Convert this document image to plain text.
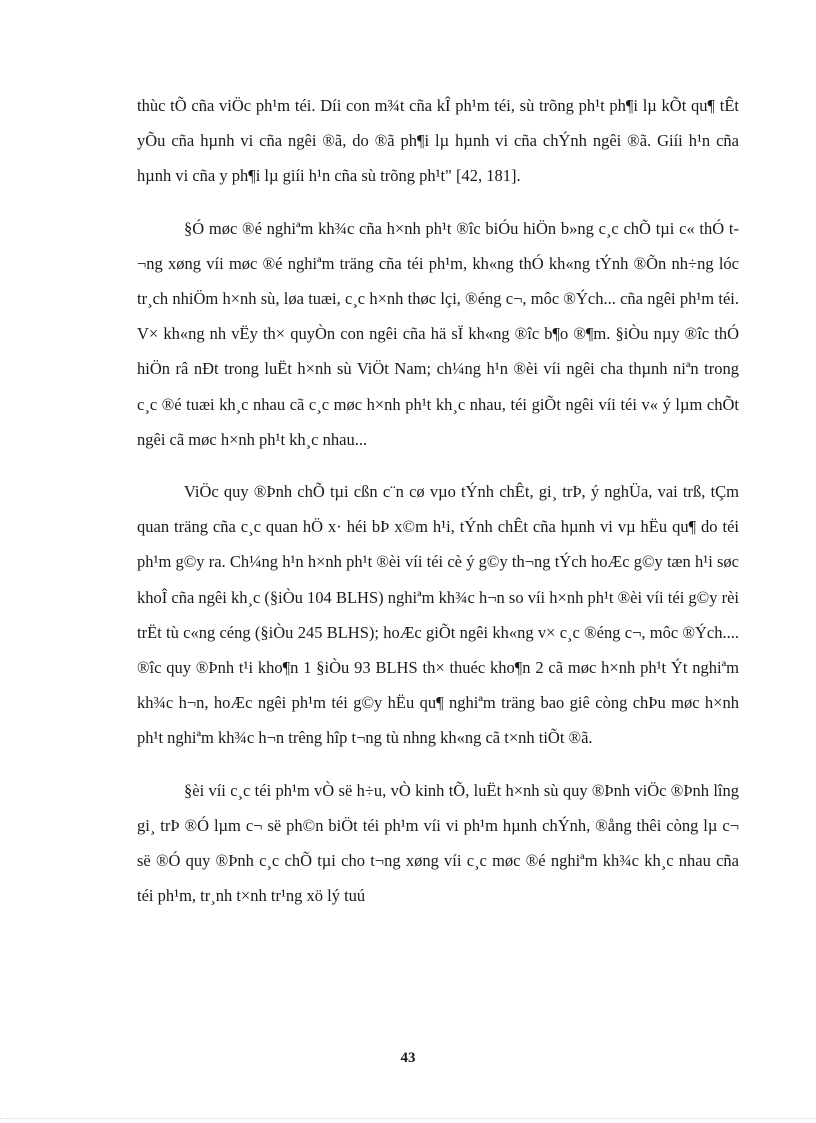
thùc tÕ cña viÖc ph¹m téi. Díi con m¾t cña kÎ ph¹m téi, sù trõng ph¹t ph¶i lµ kÕt qu¶ tÊt yÕu cña hµnh vi cña ngêi ®ã, do ®ã ph¶i lµ hµnh vi cña chÝnh ngêi ®ã. Giíi h¹n cña hµnh vi cña y ph¶i lµ giíi h¹n cña sù trõng ph¹t" [42, 181].

§Ó møc ®é nghiªm kh¾c cña h×nh ph¹t ®îc biÓu hiÖn b»ng c¸c chÕ tµi c« thÓ t¬ng xøng víi møc ®é nghiªm träng cña téi ph¹m, kh«ng thÓ kh«ng tÝnh ®Õn nh÷ng lóc tr¸ch nhiÖm h×nh sù, løa tuæi, c¸c h×nh thøc lçi, ®éng c¬, môc ®Ých... cña ngêi ph¹m téi. V× kh«ng nh vËy th× quyÒn con ngêi cña hä sÏ kh«ng ®îc b¶o ®¶m. §iÒu nµy ®îc thÓ hiÖn râ nÐt trong luËt h×nh sù ViÖt Nam; ch¼ng h¹n ®èi víi ngêi cha thµnh niªn trong c¸c ®é tuæi kh¸c nhau cã c¸c møc h×nh ph¹t kh¸c nhau, téi giÕt ngêi víi téi v« ý lµm chÕt ngêi cã møc h×nh ph¹t kh¸c nhau...

ViÖc quy ®Þnh chÕ tµi cßn c¨n cø vµo tÝnh chÊt, gi¸ trÞ, ý nghÜa, vai trß, tÇm quan träng cña c¸c quan hÖ x· héi bÞ x©m h¹i, tÝnh chÊt cña hµnh vi vµ hËu qu¶ do téi ph¹m g©y ra. Ch¼ng h¹n h×nh ph¹t ®èi víi téi cè ý g©y th¬ng tÝch hoÆc g©y tæn h¹i søc khoÎ cña ngêi kh¸c (§iÒu 104 BLHS) nghiªm kh¾c h¬n so víi h×nh ph¹t ®èi víi téi g©y rèi trËt tù c«ng céng (§iÒu 245 BLHS); hoÆc giÕt ngêi kh«ng v× c¸c ®éng c¬, môc ®Ých.... ®îc quy ®Þnh t¹i kho¶n 1 §iÒu 93 BLHS th× thuéc kho¶n 2 cã møc h×nh ph¹t Ýt nghiªm kh¾c h¬n, hoÆc ngêi ph¹m téi g©y hËu qu¶ nghiªm träng bao giê còng chÞu møc h×nh ph¹t nghiªm kh¾c h¬n trêng hîp t¬ng tù nhng kh«ng cã t×nh tiÕt ®ã.

§èi víi c¸c téi ph¹m vÒ së h÷u, vÒ kinh tÕ, luËt h×nh sù quy ®Þnh viÖc ®Þnh lîng gi¸ trÞ ®Ó lµm c¬ së ph©n biÖt téi ph¹m víi vi ph¹m hµnh chÝnh, ®ång thêi còng lµ c¬ së ®Ó quy ®Þnh c¸c chÕ tµi cho t¬ng xøng víi c¸c møc ®é nghiªm kh¾c kh¸c nhau cña téi ph¹m, tr¸nh t×nh tr¹ng xö lý tuú

43
